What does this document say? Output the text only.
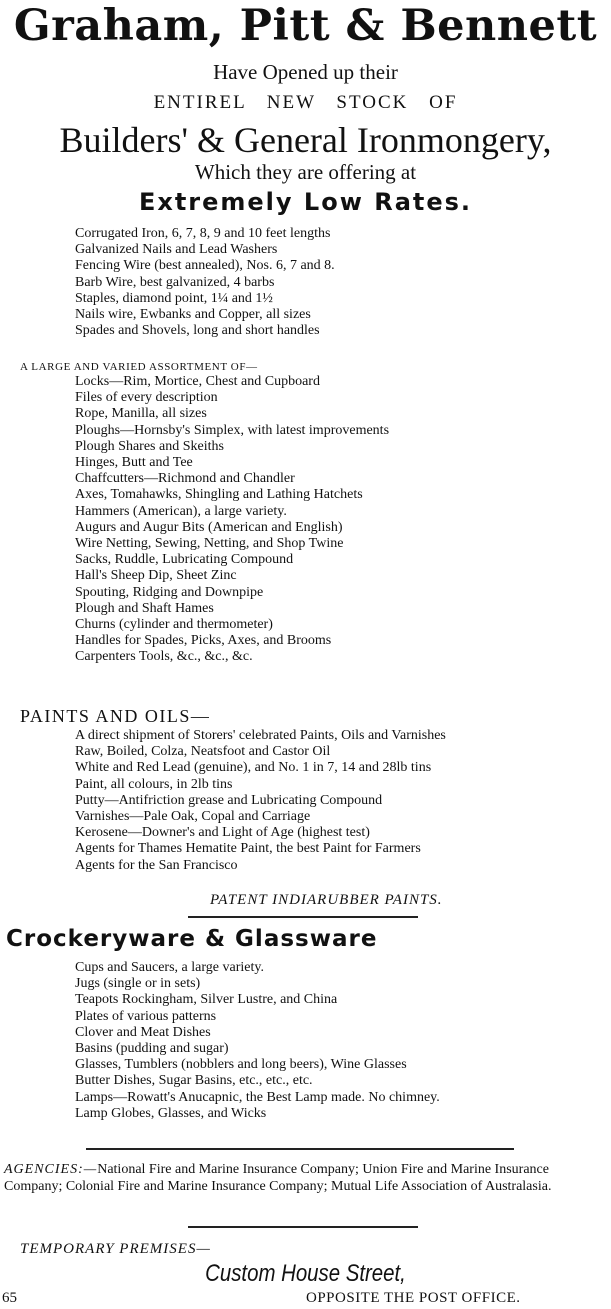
Graham, Pitt & Bennett
Have Opened up their
ENTIREL NEW STOCK OF
Builders' & General Ironmongery,
Which they are offering at
Extremely Low Rates.
Corrugated Iron, 6, 7, 8, 9 and 10 feet lengths
Galvanized Nails and Lead Washers
Fencing Wire (best annealed), Nos. 6, 7 and 8.
Barb Wire, best galvanized, 4 barbs
Staples, diamond point, 1¼ and 1½
Nails wire, Ewbanks and Copper, all sizes
Spades and Shovels, long and short handles
A LARGE AND VARIED ASSORTMENT OF—
Locks—Rim, Mortice, Chest and Cupboard
Files of every description
Rope, Manilla, all sizes
Ploughs—Hornsby's Simplex, with latest improvements
Plough Shares and Skeiths
Hinges, Butt and Tee
Chaffcutters—Richmond and Chandler
Axes, Tomahawks, Shingling and Lathing Hatchets
Hammers (American), a large variety.
Augurs and Augur Bits (American and English)
Wire Netting, Sewing, Netting, and Shop Twine
Sacks, Ruddle, Lubricating Compound
Hall's Sheep Dip, Sheet Zinc
Spouting, Ridging and Downpipe
Plough and Shaft Hames
Churns (cylinder and thermometer)
Handles for Spades, Picks, Axes, and Brooms
Carpenters Tools, &c., &c., &c.
PAINTS AND OILS—
A direct shipment of Storers' celebrated Paints, Oils and Varnishes
Raw, Boiled, Colza, Neatsfoot and Castor Oil
White and Red Lead (genuine), and No. 1 in 7, 14 and 28lb tins
Paint, all colours, in 2lb tins
Putty—Antifriction grease and Lubricating Compound
Varnishes—Pale Oak, Copal and Carriage
Kerosene—Downer's and Light of Age (highest test)
Agents for Thames Hematite Paint, the best Paint for Farmers
Agents for the San Francisco
PATENT INDIARUBBER PAINTS.
Crockeryware & Glassware
Cups and Saucers, a large variety.
Jugs (single or in sets)
Teapots Rockingham, Silver Lustre, and China
Plates of various patterns
Clover and Meat Dishes
Basins (pudding and sugar)
Glasses, Tumblers (nobblers and long beers), Wine Glasses
Butter Dishes, Sugar Basins, etc., etc., etc.
Lamps—Rowatt's Anucapnic, the Best Lamp made. No chimney.
Lamp Globes, Glasses, and Wicks
AGENCIES:—National Fire and Marine Insurance Company; Union Fire and Marine Insurance Company; Colonial Fire and Marine Insurance Company; Mutual Life Association of Australasia.
TEMPORARY PREMISES—
Custom House Street,
65	OPPOSITE THE POST OFFICE.
